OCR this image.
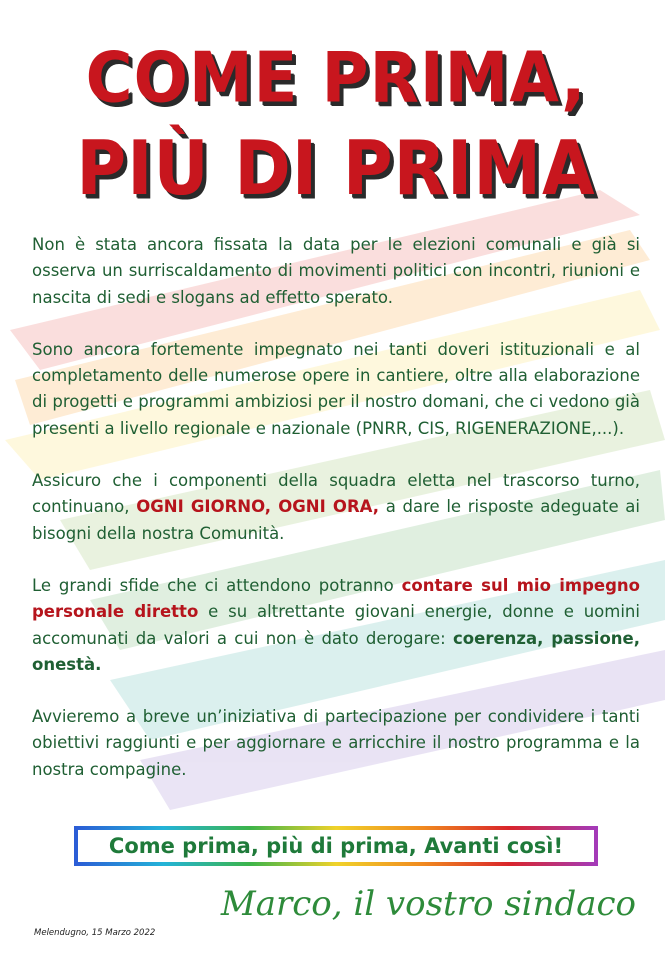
COME PRIMA,
PIÙ DI PRIMA

Non è stata ancora fissata la data per le elezioni comunali e già si osserva un surriscaldamento di movimenti politici con incontri, riunioni e nascita di sedi e slogans ad effetto sperato.

Sono ancora fortemente impegnato nei tanti doveri istituzionali e al completamento delle numerose opere in cantiere, oltre alla elaborazione di progetti e programmi ambiziosi per il nostro domani, che ci vedono già presenti a livello regionale e nazionale (PNRR, CIS, RIGENERAZIONE,...).

Assicuro che i componenti della squadra eletta nel trascorso turno, continuano, OGNI GIORNO, OGNI ORA, a dare le risposte adeguate ai bisogni della nostra Comunità.

Le grandi sfide che ci attendono potranno contare sul mio impegno personale diretto e su altrettante giovani energie, donne e uomini accomunati da valori a cui non è dato derogare: coerenza, passione, onestà.

Avvieremo a breve un’iniziativa di partecipazione per condividere i tanti obiettivi raggiunti e per aggiornare e arricchire il nostro programma e la nostra compagine.

Come prima, più di prima, Avanti così!
Marco, il vostro sindaco
Melendugno, 15 Marzo 2022
